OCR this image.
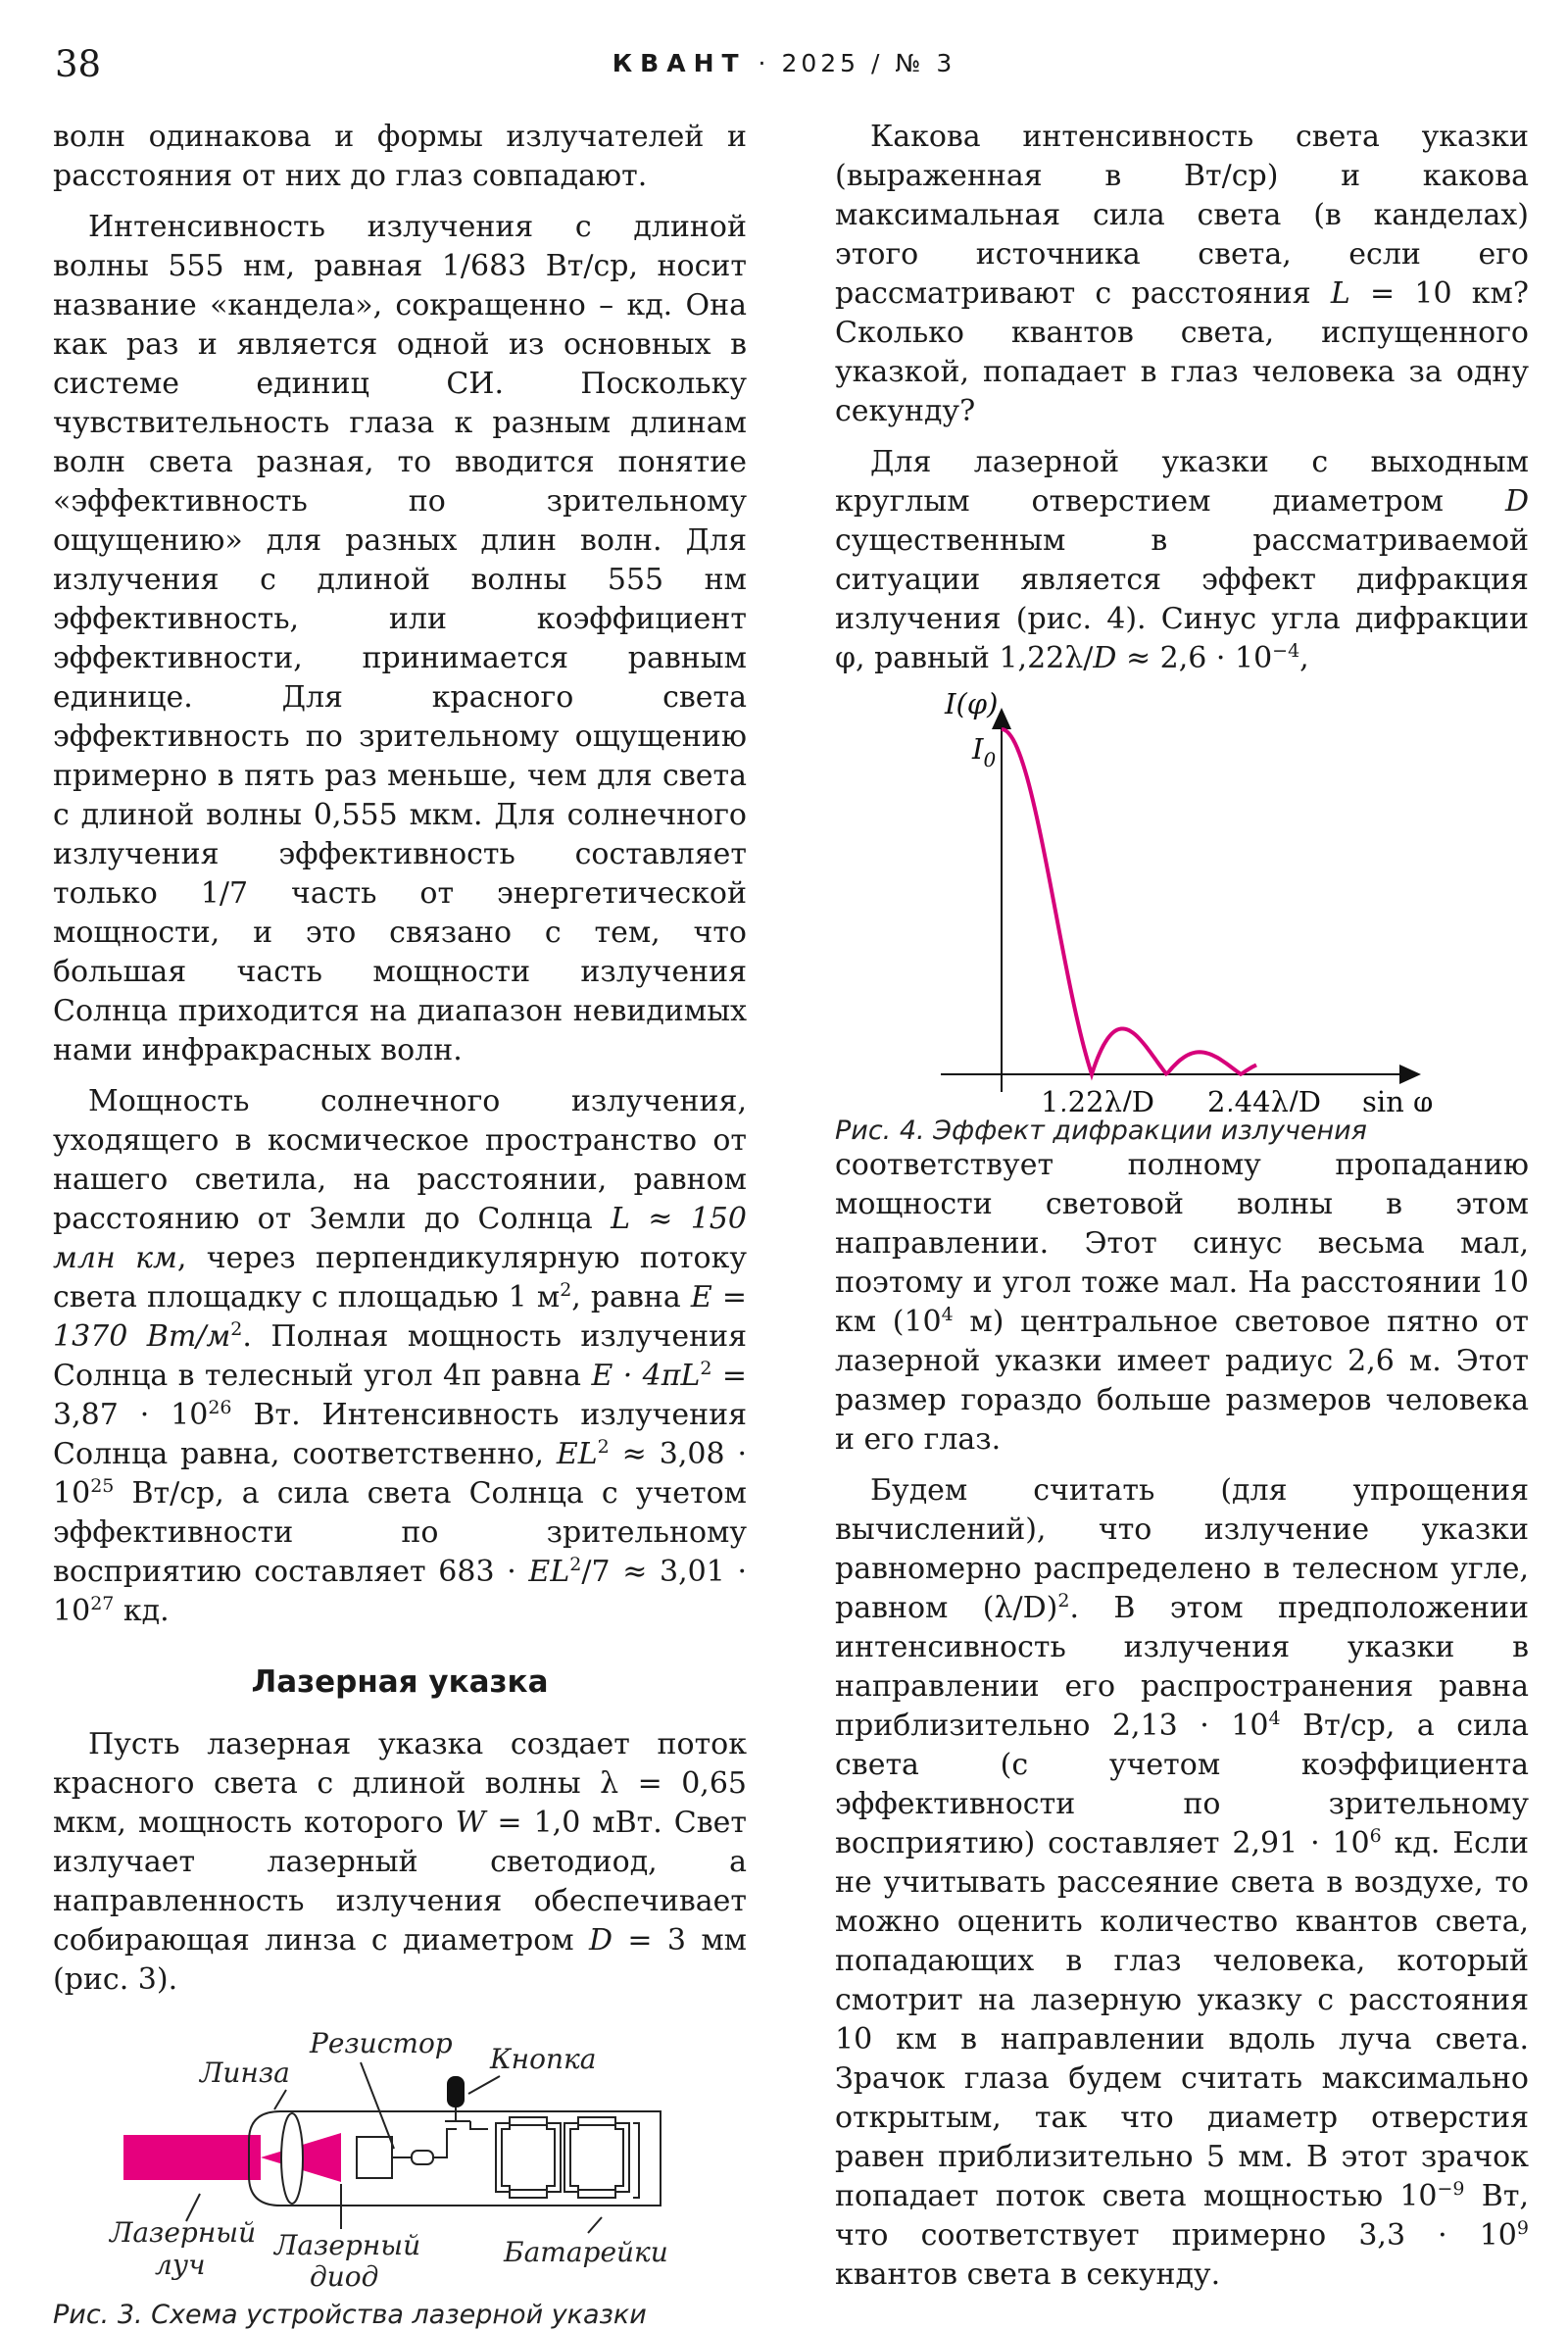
38	КВАНТ · 2025 / № 3

волн одинакова и формы излучателей и расстояния от них до глаз совпадают.

Интенсивность излучения с длиной волны 555 нм, равная 1/683 Вт/ср, носит название «кандела», сокращенно – кд. Она как раз и является одной из основных в системе единиц СИ. Поскольку чувствительность глаза к разным длинам волн света разная, то вводится понятие «эффективность по зрительному ощущению» для разных длин волн. Для излучения с длиной волны 555 нм эффективность, или коэффициент эффективности, принимается равным единице. Для красного света эффективность по зрительному ощущению примерно в пять раз меньше, чем для света с длиной волны 0,555 мкм. Для солнечного излучения эффективность составляет только 1/7 часть от энергетической мощности, и это связано с тем, что большая часть мощности излучения Солнца приходится на диапазон невидимых нами инфракрасных волн.

Мощность солнечного излучения, уходящего в космическое пространство от нашего светила, на расстоянии, равном расстоянию от Земли до Солнца L ≈ 150 млн км, через перпендикулярную потоку света площадку с площадью 1 $м^2$, равна E = 1370 $Вт/м^2$. Полная мощность излучения Солнца в телесный угол 4π равна $E \cdot 4\pi L^2 = 3,87 \cdot 10^{26}$ Вт. Интенсивность излучения Солнца равна, соответственно, $EL^2 \approx 3,08 \cdot 10^{25}$ Вт/ср, а сила света Солнца с учетом эффективности по зрительному восприятию составляет $683 \cdot EL^2/7 \approx 3,01 \cdot 10^{27}$ кд.

Лазерная указка

Пусть лазерная указка создает поток красного света с длиной волны λ = 0,65 мкм, мощность которого W = 1,0 мВт. Свет излучает лазерный светодиод, а направленность излучения обеспечивает собирающая линза с диаметром D = 3 мм (рис. 3).

Резистор Кнопка
Линза
Лазерный
луч
Лазерный
диод
Батарейки
Рис. 3. Схема устройства лазерной указки

Какова интенсивность света указки (выраженная в Вт/ср) и какова максимальная сила света (в канделах) этого источника света, если его рассматривают с расстояния L = 10 км? Сколько квантов света, испущенного указкой, попадает в глаз человека за одну секунду?

Для лазерной указки с выходным круглым отверстием диаметром D существенным в рассматриваемой ситуации является эффект дифракция излучения (рис. 4). Синус угла дифракции φ, равный $1,22\lambda/D \approx 2,6 \cdot 10^{-4}$,

I(φ)
$I_0$
1,22λ/D 2,44λ/D sin φ
Рис. 4. Эффект дифракции излучения

соответствует полному пропаданию мощности световой волны в этом направлении. Этот синус весьма мал, поэтому и угол тоже мал. На расстоянии 10 км ($10^4$ м) центральное световое пятно от лазерной указки имеет радиус 2,6 м. Этот размер гораздо больше размеров человека и его глаз.

Будем считать (для упрощения вычислений), что излучение указки равномерно распределено в телесном угле, равном $(\lambda/D)^2$. В этом предположении интенсивность излучения указки в направлении его распространения равна приблизительно $2,13 \cdot 10^4$ Вт/ср, а сила света (с учетом коэффициента эффективности по зрительному восприятию) составляет $2,91 \cdot 10^6$ кд. Если не учитывать рассеяние света в воздухе, то можно оценить количество квантов света, попадающих в глаз человека, который смотрит на лазерную указку с расстояния 10 км в направлении вдоль луча света. Зрачок глаза будем считать максимально открытым, так что диаметр отверстия равен приблизительно 5 мм. В этот зрачок попадает поток света мощностью $10^{-9}$ Вт, что соответствует примерно $3,3 \cdot 10^9$ квантов света в секунду.
